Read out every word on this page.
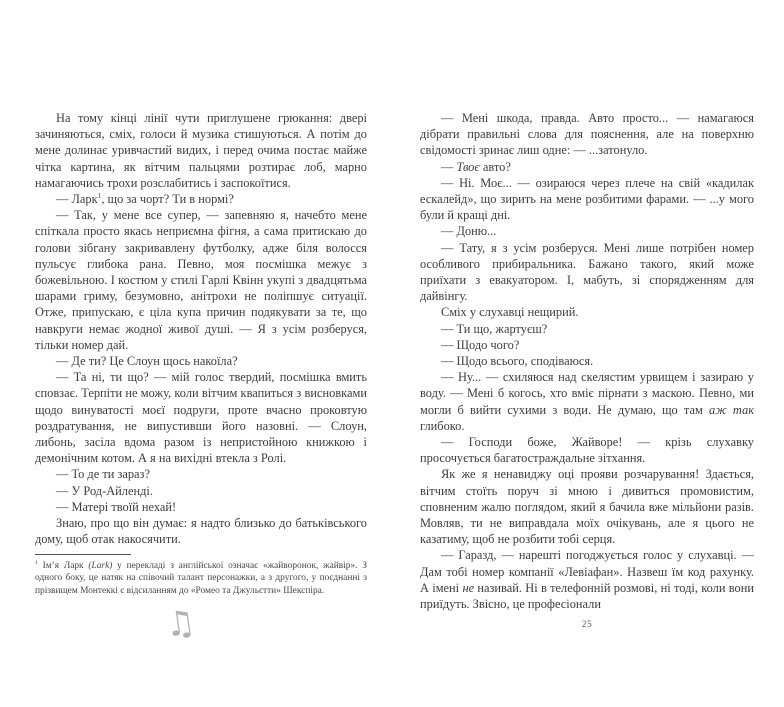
На тому кінці лінії чути приглушене грюкання: двері зачиняються, сміх, голоси й музика стишуються. А потім до мене долинає уривчастий видих, і перед очима постає майже чітка картина, як вітчим пальцями розтирає лоб, марно намагаючись трохи розслабитись і заспокоїтися.

— Ларк$^1$, що за чорт? Ти в нормі?

— Так, у мене все супер, — запевняю я, начебто мене спіткала просто якась неприємна фігня, а сама притискаю до голови зібгану закривавлену футболку, адже біля волосся пульсує глибока рана. Певно, моя посмішка межує з божевільною. І костюм у стилі Гарлі Квінн укупі з двадцятьма шарами гриму, безумовно, анітрохи не поліпшує ситуації. Отже, припускаю, є ціла купа причин подякувати за те, що навкруги немає жодної живої душі. — Я з усім розберуся, тільки номер дай.

— Де ти? Це Слоун щось накоїла?

— Та ні, ти що? — мій голос твердий, посмішка вмить сповзає. Терпіти не можу, коли вітчим квапиться з висновками щодо винуватості моєї подруги, проте вчасно проковтую роздратування, не випустивши його назовні. — Слоун, либонь, засіла вдома разом із непристойною книжкою і демонічним котом. А я на вихідні втекла з Ролі.

— То де ти зараз?

— У Род-Айленді.

— Матері твоїй нехай!

Знаю, про що він думає: я надто близько до батьківського дому, щоб отак накосячити.

$^1$ Ім’я Ларк (Lark) у перекладі з англійської означає «жайворонок, жайвір». З одного боку, це натяк на співочий талант персонажки, а з другого, у поєднанні з прізвищем Монтеккі є відсиланням до «Ромео та Джульєтти» Шекспіра.

♫

— Мені шкода, правда. Авто просто... — намагаюся дібрати правильні слова для пояснення, але на поверхню свідомості зринає лиш одне: — ...затонуло.

— Твоє авто?

— Ні. Моє... — озираюся через плече на свій «кадилак ескалейд», що зирить на мене розбитими фарами. — ...у мого були й кращі дні.

— Доню...

— Тату, я з усім розберуся. Мені лише потрібен номер особливого прибиральника. Бажано такого, який може приїхати з евакуатором. І, мабуть, зі спорядженням для дайвінгу.

Сміх у слухавці нещирий.

— Ти що, жартуєш?

— Щодо чого?

— Щодо всього, сподіваюся.

— Ну... — схиляюся над скелястим урвищем і зазираю у воду. — Мені б когось, хто вміє пірнати з маскою. Певно, ми могли б вийти сухими з води. Не думаю, що там аж так глибоко.

— Господи боже, Жайворе! — крізь слухавку просочується багатостраждальне зітхання.

Як же я ненавиджу оці прояви розчарування! Здається, вітчим стоїть поруч зі мною і дивиться промовистим, сповненим жалю поглядом, який я бачила вже мільйони разів. Мовляв, ти не виправдала моїх очікувань, але я цього не казатиму, щоб не розбити тобі серця.

— Гаразд, — нарешті погоджується голос у слухавці. — Дам тобі номер компанії «Левіафан». Назвеш їм код рахунку. А імені не називай. Ні в телефонній розмові, ні тоді, коли вони приїдуть. Звісно, це професіонали

25
